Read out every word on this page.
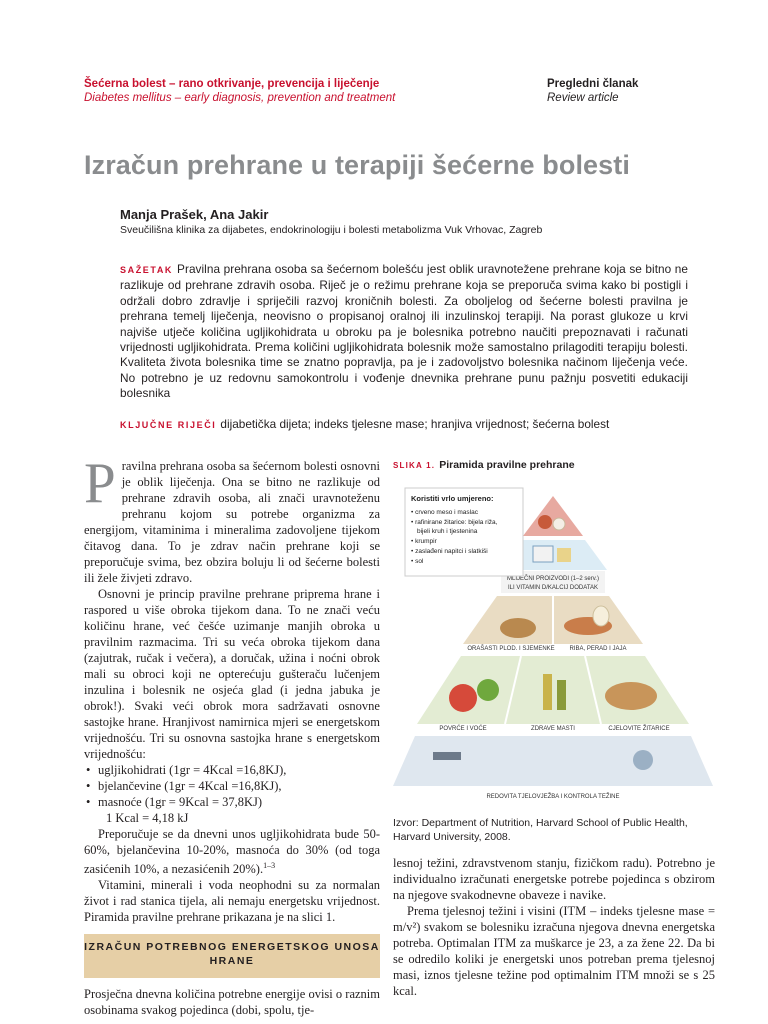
Šećerna bolest – rano otkrivanje, prevencija i liječenje
Diabetes mellitus – early diagnosis, prevention and treatment
Pregledni članak
Review article
Izračun prehrane u terapiji šećerne bolesti
Manja Prašek, Ana Jakir
Sveučilišna klinika za dijabetes, endokrinologiju i bolesti metabolizma Vuk Vrhovac, Zagreb
SAŽETAK Pravilna prehrana osoba sa šećernom bolešću jest oblik uravnotežene prehrane koja se bitno ne razlikuje od prehrane zdravih osoba. Riječ je o režimu prehrane koja se preporuča svima kako bi postigli i održali dobro zdravlje i spriječili razvoj kroničnih bolesti. Za oboljelog od šećerne bolesti pravilna je prehrana temelj liječenja, neovisno o propisanoj oralnoj ili inzulinskoj terapiji. Na porast glukoze u krvi najviše utječe količina ugljikohidrata u obroku pa je bolesnika potrebno naučiti prepoznavati i računati vrijednosti ugljikohidrata. Prema količini ugljikohidrata bolesnik može samostalno prilagoditi terapiju bolesti. Kvaliteta života bolesnika time se znatno popravlja, pa je i zadovoljstvo bolesnika načinom liječenja veće. No potrebno je uz redovnu samokontrolu i vođenje dnevnika prehrane punu pažnju posvetiti edukaciji bolesnika
KLJUČNE RIJEČI dijabetička dijeta; indeks tjelesne mase; hranjiva vrijednost; šećerna bolest

Pravilna prehrana osoba sa šećernom bolesti osnovni je oblik liječenja. Ona se bitno ne razlikuje od prehrane zdravih osoba, ali znači uravnoteženu prehranu kojom su potrebe organizma za energijom, vitaminima i mineralima zadovoljene tijekom čitavog dana. To je zdrav način prehrane koji se preporučuje svima, bez obzira boluju li od šećerne bolesti ili žele živjeti zdravo.

Osnovni je princip pravilne prehrane priprema hrane i raspored u više obroka tijekom dana. To ne znači veću količinu hrane, već češće uzimanje manjih obroka u pravilnim razmacima. Tri su veća obroka tijekom dana (zajutrak, ručak i večera), a doručak, užina i noćni obrok mali su obroci koji ne opterećuju gušteraču lučenjem inzulina i bolesnik ne osjeća glad (i jedna jabuka je obrok!). Svaki veći obrok mora sadržavati osnovne sastojke hrane. Hranjivost namirnica mjeri se energetskom vrijednošću. Tri su osnovna sastojka hrane s energetskom vrijednošću:

• ugljikohidrati (1gr = 4Kcal =16,8KJ),
• bjelančevine (1gr = 4Kcal =16,8KJ),
• masnoće (1gr = 9Kcal = 37,8KJ)

1 Kcal = 4,18 kJ

Preporučuje se da dnevni unos ugljikohidrata bude 50-60%, bjelančevina 10-20%, masnoća do 30% (od toga zasićenih 10%, a nezasićenih 20%).$^{1-3}$

Vitamini, minerali i voda neophodni su za normalan život i rad stanica tijela, ali nemaju energetsku vrijednost. Piramida pravilne prehrane prikazana je na slici 1.

IZRAČUN POTREBNOG ENERGETSKOG UNOSA HRANE
Prosječna dnevna količina potrebne energije ovisi o raznim osobinama svakog pojedinca (dobi, spolu, tje-
SLIKA 1. Piramida pravilne prehrane
MLIJEČNI PROIZVODI (1–2 serv.)
ILI VITAMIN D/KALCIJ DODATAK
ORAŠASTI PLOD. I SJEMENKE RIBA, PERAD I JAJA
POVRĆE I VOĆE	ZDRAVE MASTI	CJELOVITE ŽITARICE
REDOVITA TJELOVJEŽBA I KONTROLA TEŽINE
Koristiti vrlo umjereno:
• crveno meso i maslac
• rafinirane žitarice: bijela riža,
bijeli kruh i tjestenina
• krumpir
• zaslađeni napitci i slatkiši
• sol
Izvor: Department of Nutrition, Harvard School of Public Health, Harvard University, 2008.

lesnoj težini, zdravstvenom stanju, fizičkom radu). Potrebno je individualno izračunati energetske potrebe pojedinca s obzirom na njegove svakodnevne obaveze i navike.

Prema tjelesnoj težini i visini (ITM – indeks tjelesne mase = m/v²) svakom se bolesniku izračuna njegova dnevna energetska potreba. Optimalan ITM za muškarce je 23, a za žene 22. Da bi se odredilo koliki je energetski unos potreban prema tjelesnoj masi, iznos tjelesne težine pod optimalnim ITM množi se s 25 kcal.
